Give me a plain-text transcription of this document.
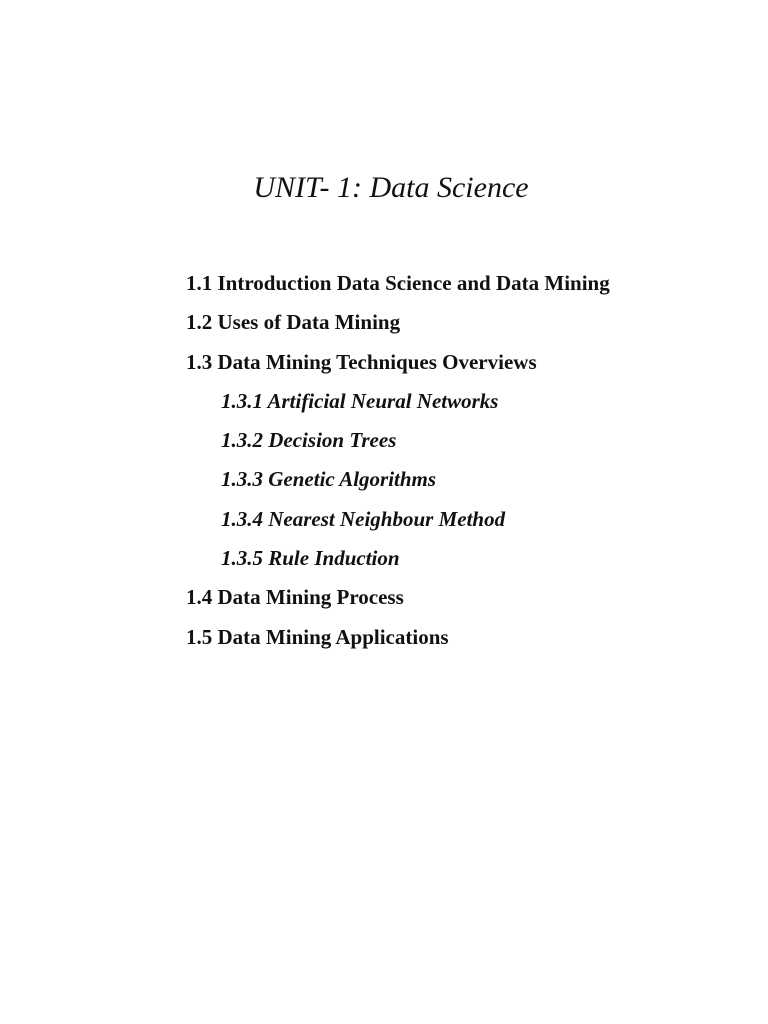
UNIT- 1: Data Science
1.1 Introduction Data Science and Data Mining
1.2 Uses of Data Mining
1.3 Data Mining Techniques Overviews
1.3.1 Artificial Neural Networks
1.3.2 Decision Trees
1.3.3 Genetic Algorithms
1.3.4 Nearest Neighbour Method
1.3.5 Rule Induction
1.4 Data Mining Process
1.5 Data Mining Applications
